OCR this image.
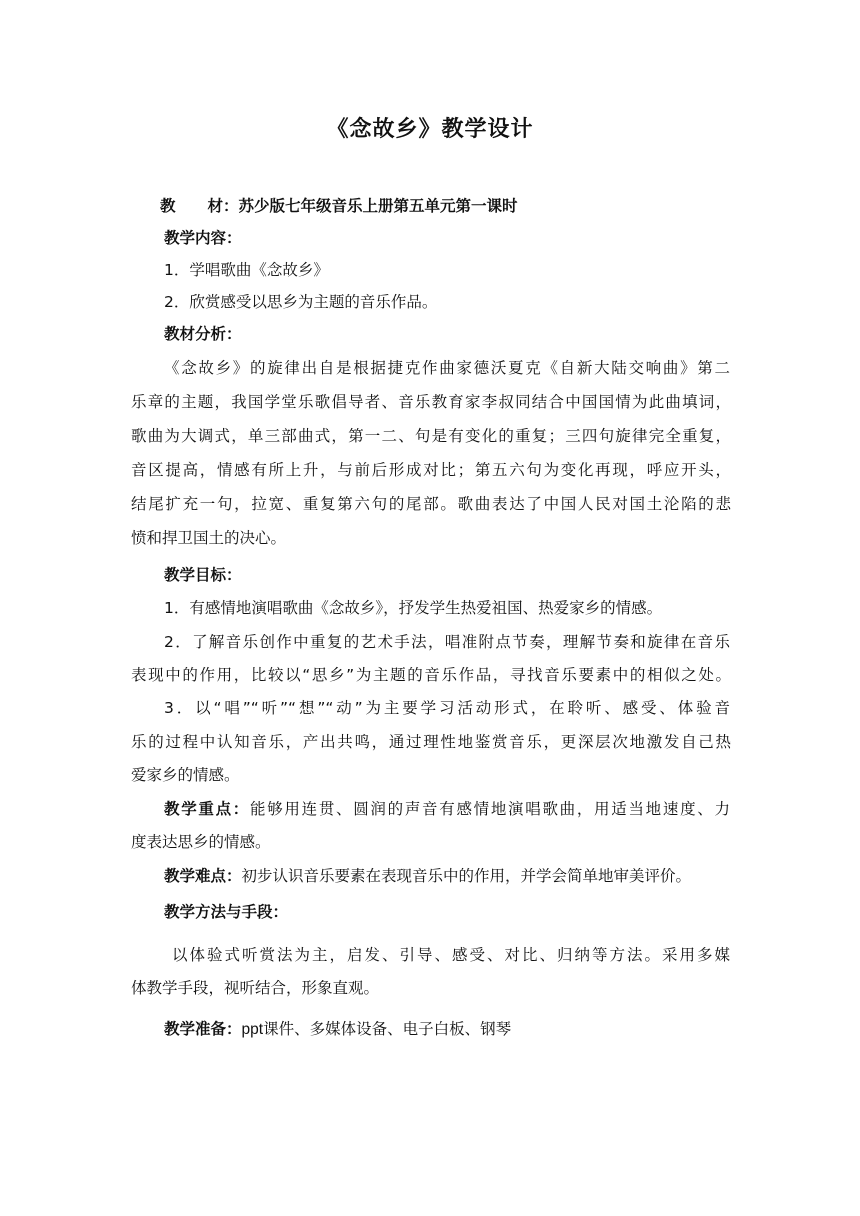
《念故乡》教学设计
教 材：苏少版七年级音乐上册第五单元第一课时
教学内容：
1．学唱歌曲《念故乡》
2．欣赏感受以思乡为主题的音乐作品。
教材分析：
《念故乡》的旋律出自是根据捷克作曲家德沃夏克《自新大陆交响曲》第二
乐章的主题，我国学堂乐歌倡导者、音乐教育家李叔同结合中国国情为此曲填词，
歌曲为大调式，单三部曲式，第一二、句是有变化的重复；三四句旋律完全重复，
音区提高，情感有所上升，与前后形成对比；第五六句为变化再现，呼应开头，
结尾扩充一句，拉宽、重复第六句的尾部。歌曲表达了中国人民对国土沦陷的悲
愤和捍卫国土的决心。
教学目标：
1．有感情地演唱歌曲《念故乡》，抒发学生热爱祖国、热爱家乡的情感。
2．了解音乐创作中重复的艺术手法，唱准附点节奏，理解节奏和旋律在音乐
表现中的作用，比较以“思乡”为主题的音乐作品，寻找音乐要素中的相似之处。
3．以“唱”“听”“想”“动”为主要学习活动形式，在聆听、感受、体验音
乐的过程中认知音乐，产出共鸣，通过理性地鉴赏音乐，更深层次地激发自己热
爱家乡的情感。
教学重点：能够用连贯、圆润的声音有感情地演唱歌曲，用适当地速度、力
度表达思乡的情感。
教学难点：初步认识音乐要素在表现音乐中的作用，并学会简单地审美评价。
教学方法与手段：
以体验式听赏法为主，启发、引导、感受、对比、归纳等方法。采用多媒
体教学手段，视听结合，形象直观。
教学准备：ppt课件、多媒体设备、电子白板、钢琴
